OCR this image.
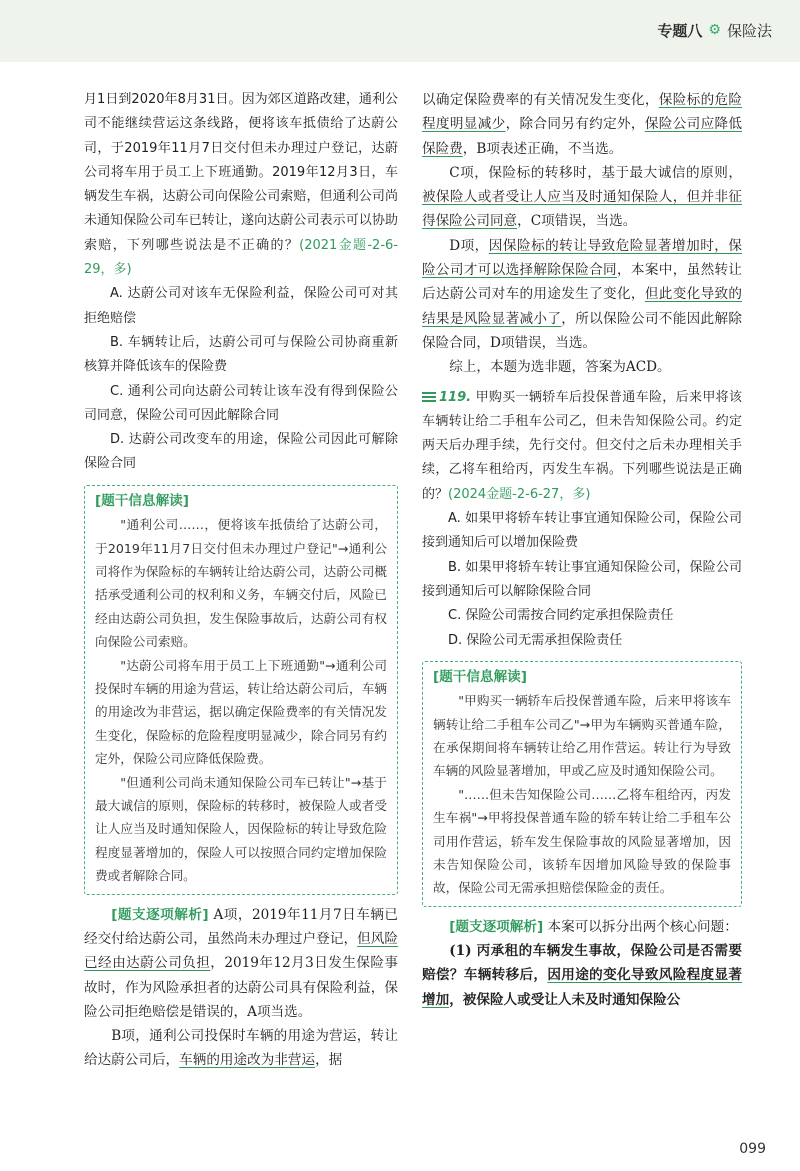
专题八 ⚙ 保险法

月1日到2020年8月31日。因为郊区道路改建，通利公司不能继续营运这条线路，便将该车抵债给了达蔚公司，于2019年11月7日交付但未办理过户登记，达蔚公司将车用于员工上下班通勤。2019年12月3日，车辆发生车祸，达蔚公司向保险公司索赔，但通利公司尚未通知保险公司车已转让，遂向达蔚公司表示可以协助索赔，下列哪些说法是不正确的？(2021金题-2-6-29，多)

A. 达蔚公司对该车无保险利益，保险公司可对其拒绝赔偿

B. 车辆转让后，达蔚公司可与保险公司协商重新核算并降低该车的保险费

C. 通利公司向达蔚公司转让该车没有得到保险公司同意，保险公司可因此解除合同

D. 达蔚公司改变车的用途，保险公司因此可解除保险合同

[题干信息解读]

"通利公司……，便将该车抵债给了达蔚公司，于2019年11月7日交付但未办理过户登记"→通利公司将作为保险标的车辆转让给达蔚公司，达蔚公司概括承受通利公司的权利和义务，车辆交付后，风险已经由达蔚公司负担，发生保险事故后，达蔚公司有权向保险公司索赔。

"达蔚公司将车用于员工上下班通勤"→通利公司投保时车辆的用途为营运，转让给达蔚公司后，车辆的用途改为非营运，据以确定保险费率的有关情况发生变化，保险标的危险程度明显减少，除合同另有约定外，保险公司应降低保险费。

"但通利公司尚未通知保险公司车已转让"→基于最大诚信的原则，保险标的转移时，被保险人或者受让人应当及时通知保险人，因保险标的转让导致危险程度显著增加的，保险人可以按照合同约定增加保险费或者解除合同。

[题支逐项解析] A项，2019年11月7日车辆已经交付给达蔚公司，虽然尚未办理过户登记，但风险已经由达蔚公司负担，2019年12月3日发生保险事故时，作为风险承担者的达蔚公司具有保险利益，保险公司拒绝赔偿是错误的，A项当选。

B项，通利公司投保时车辆的用途为营运，转让给达蔚公司后，车辆的用途改为非营运，据

以确定保险费率的有关情况发生变化，保险标的危险程度明显减少，除合同另有约定外，保险公司应降低保险费，B项表述正确，不当选。

C项，保险标的转移时，基于最大诚信的原则，被保险人或者受让人应当及时通知保险人，但并非征得保险公司同意，C项错误，当选。

D项，因保险标的转让导致危险显著增加时，保险公司才可以选择解除保险合同，本案中，虽然转让后达蔚公司对车的用途发生了变化，但此变化导致的结果是风险显著减小了，所以保险公司不能因此解除保险合同，D项错误，当选。

综上，本题为选非题，答案为ACD。

119. 甲购买一辆轿车后投保普通车险，后来甲将该车辆转让给二手租车公司乙，但未告知保险公司。约定两天后办理手续，先行交付。但交付之后未办理相关手续，乙将车租给丙，丙发生车祸。下列哪些说法是正确的？(2024金题-2-6-27，多)

A. 如果甲将轿车转让事宜通知保险公司，保险公司接到通知后可以增加保险费

B. 如果甲将轿车转让事宜通知保险公司，保险公司接到通知后可以解除保险合同

C. 保险公司需按合同约定承担保险责任

D. 保险公司无需承担保险责任

[题干信息解读]

"甲购买一辆轿车后投保普通车险，后来甲将该车辆转让给二手租车公司乙"→甲为车辆购买普通车险，在承保期间将车辆转让给乙用作营运。转让行为导致车辆的风险显著增加，甲或乙应及时通知保险公司。

"……但未告知保险公司……乙将车租给丙，丙发生车祸"→甲将投保普通车险的轿车转让给二手租车公司用作营运，轿车发生保险事故的风险显著增加，因未告知保险公司，该轿车因增加风险导致的保险事故，保险公司无需承担赔偿保险金的责任。

[题支逐项解析] 本案可以拆分出两个核心问题：

(1) 丙承租的车辆发生事故，保险公司是否需要赔偿？车辆转移后，因用途的变化导致风险程度显著增加，被保险人或受让人未及时通知保险公

099
